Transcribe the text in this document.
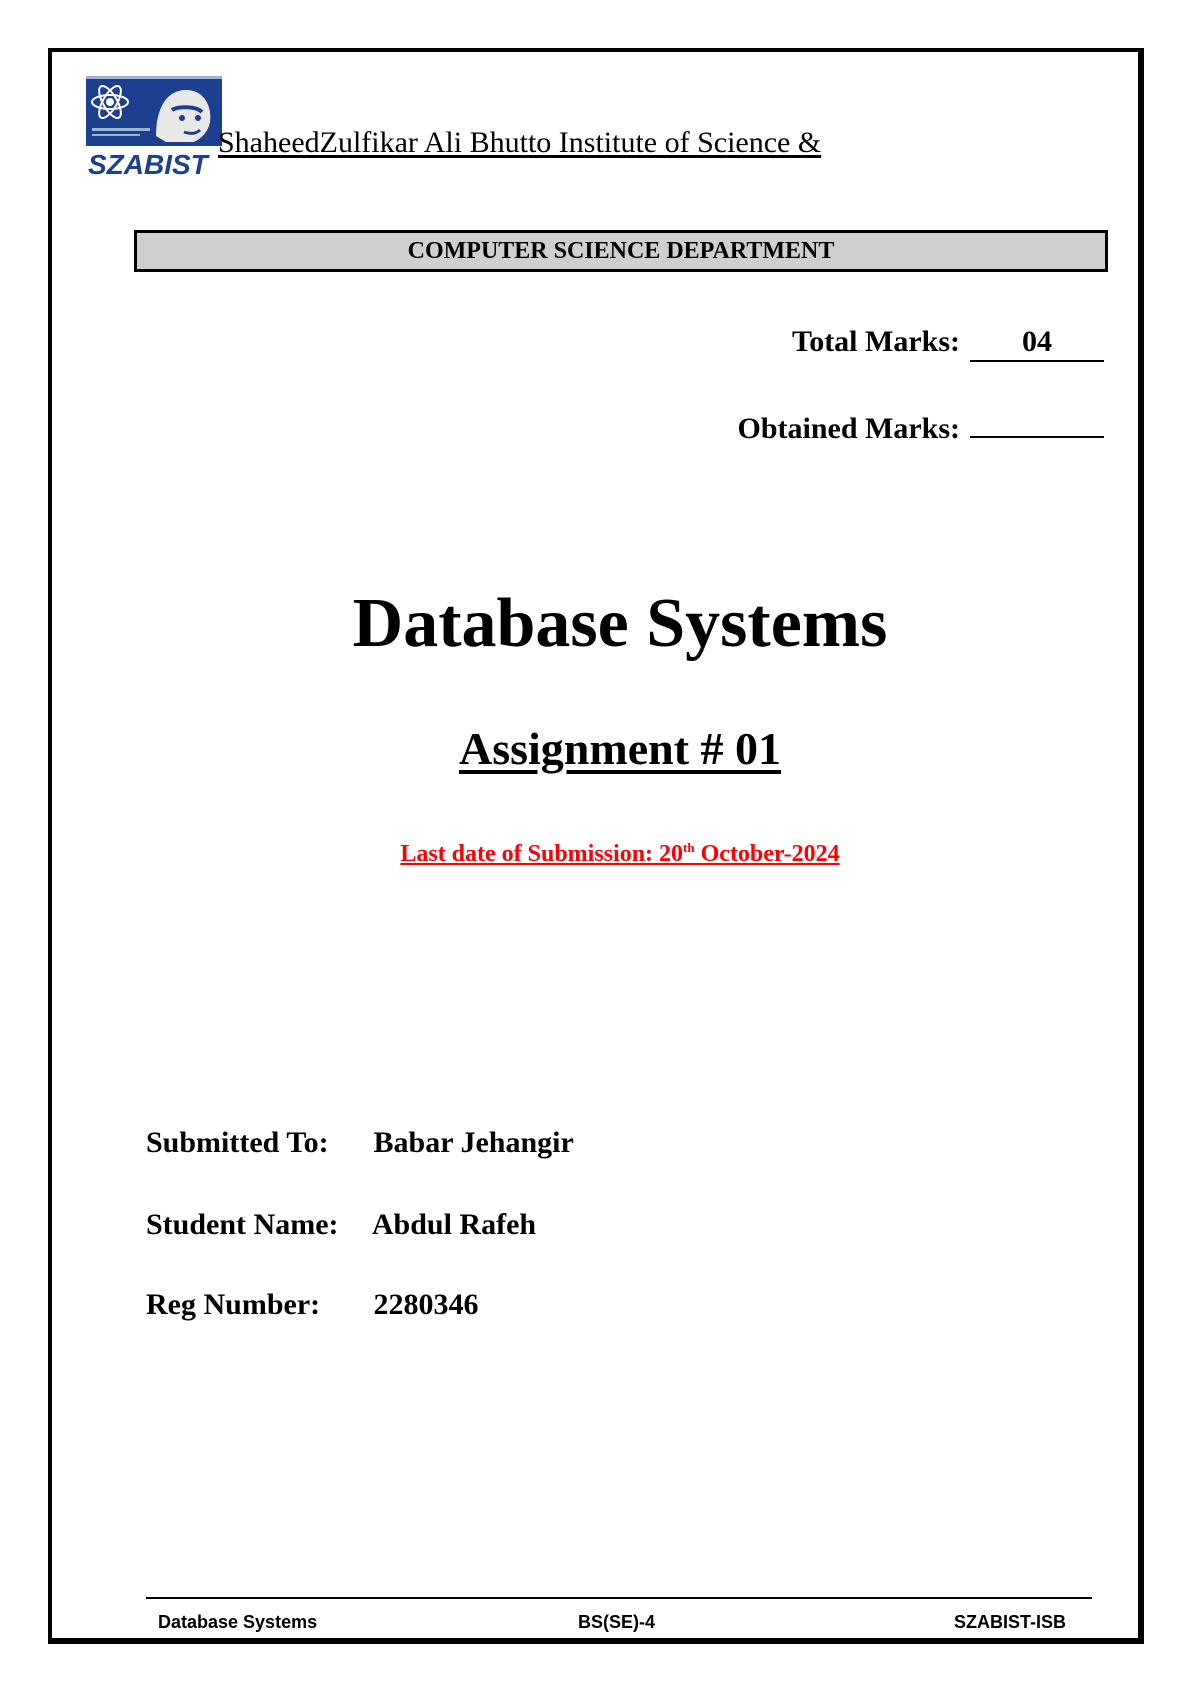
SZABIST
ShaheedZulfikar Ali Bhutto Institute of Science &
COMPUTER SCIENCE DEPARTMENT
Total Marks:	04
Obtained Marks:
Database Systems
Assignment # 01
Last date of Submission: 20th October-2024
Submitted To: Babar Jehangir
Student Name: Abdul Rafeh
Reg Number: 2280346
Database Systems	BS(SE)-4	SZABIST-ISB
